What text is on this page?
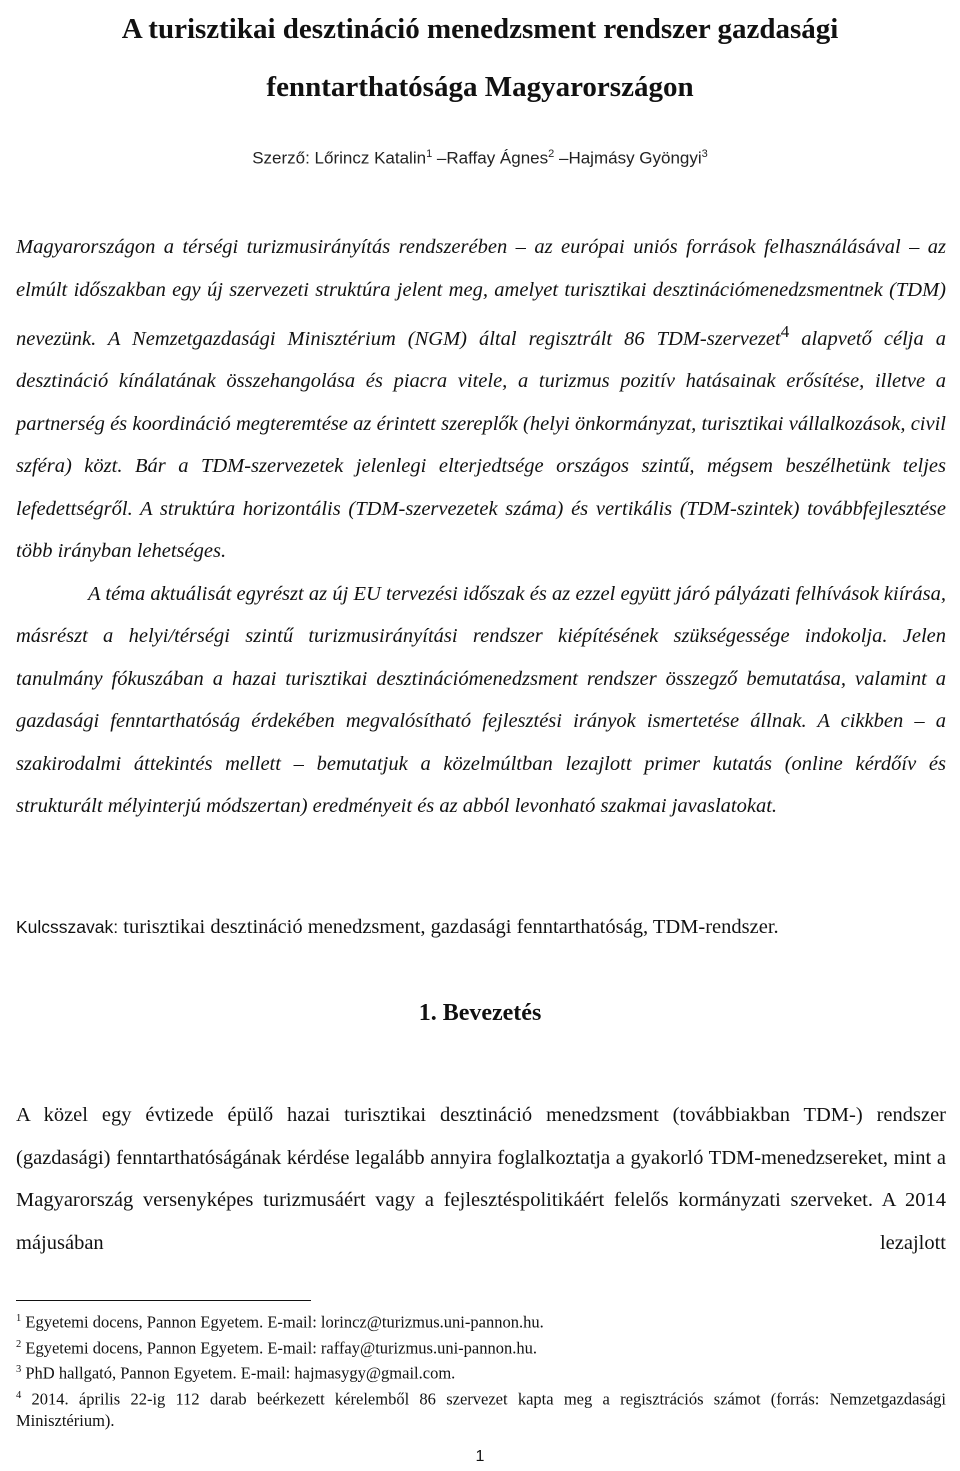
A turisztikai desztináció menedzsment rendszer gazdasági
fenntarthatósága Magyarországon
Szerző: Lőrincz Katalin$^1$ –Raffay Ágnes$^2$ –Hajmásy Gyöngyi$^3$

Magyarországon a térségi turizmusirányítás rendszerében – az európai uniós források felhasználásával – az elmúlt időszakban egy új szervezeti struktúra jelent meg, amelyet turisztikai desztinációmenedzsmentnek (TDM) nevezünk. A Nemzetgazdasági Minisztérium (NGM) által regisztrált 86 TDM-szervezet$^4$ alapvető célja a desztináció kínálatának összehangolása és piacra vitele, a turizmus pozitív hatásainak erősítése, illetve a partnerség és koordináció megteremtése az érintett szereplők (helyi önkormányzat, turisztikai vállalkozások, civil szféra) közt. Bár a TDM-szervezetek jelenlegi elterjedtsége országos szintű, mégsem beszélhetünk teljes lefedettségről. A struktúra horizontális (TDM-szervezetek száma) és vertikális (TDM-szintek) továbbfejlesztése több irányban lehetséges.

A téma aktuálisát egyrészt az új EU tervezési időszak és az ezzel együtt járó pályázati felhívások kiírása, másrészt a helyi/térségi szintű turizmusirányítási rendszer kiépítésének szükségessége indokolja. Jelen tanulmány fókuszában a hazai turisztikai desztinációmenedzsment rendszer összegző bemutatása, valamint a gazdasági fenntarthatóság érdekében megvalósítható fejlesztési irányok ismertetése állnak. A cikkben – a szakirodalmi áttekintés mellett – bemutatjuk a közelmúltban lezajlott primer kutatás (online kérdőív és strukturált mélyinterjú módszertan) eredményeit és az abból levonható szakmai javaslatokat.

Kulcsszavak: turisztikai desztináció menedzsment, gazdasági fenntarthatóság, TDM-rendszer.

1. Bevezetés

A közel egy évtizede épülő hazai turisztikai desztináció menedzsment (továbbiakban TDM-) rendszer (gazdasági) fenntarthatóságának kérdése legalább annyira foglalkoztatja a gyakorló TDM-menedzsereket, mint a Magyarország versenyképes turizmusáért vagy a fejlesztéspolitikáért felelős kormányzati szerveket. A 2014 májusában lezajlott

$^1$ Egyetemi docens, Pannon Egyetem. E-mail: lorincz@turizmus.uni-pannon.hu.

$^2$ Egyetemi docens, Pannon Egyetem. E-mail: raffay@turizmus.uni-pannon.hu.

$^3$ PhD hallgató, Pannon Egyetem. E-mail: hajmasygy@gmail.com.

$^4$ 2014. április 22-ig 112 darab beérkezett kérelemből 86 szervezet kapta meg a regisztrációs számot (forrás: Nemzetgazdasági Minisztérium).

1
